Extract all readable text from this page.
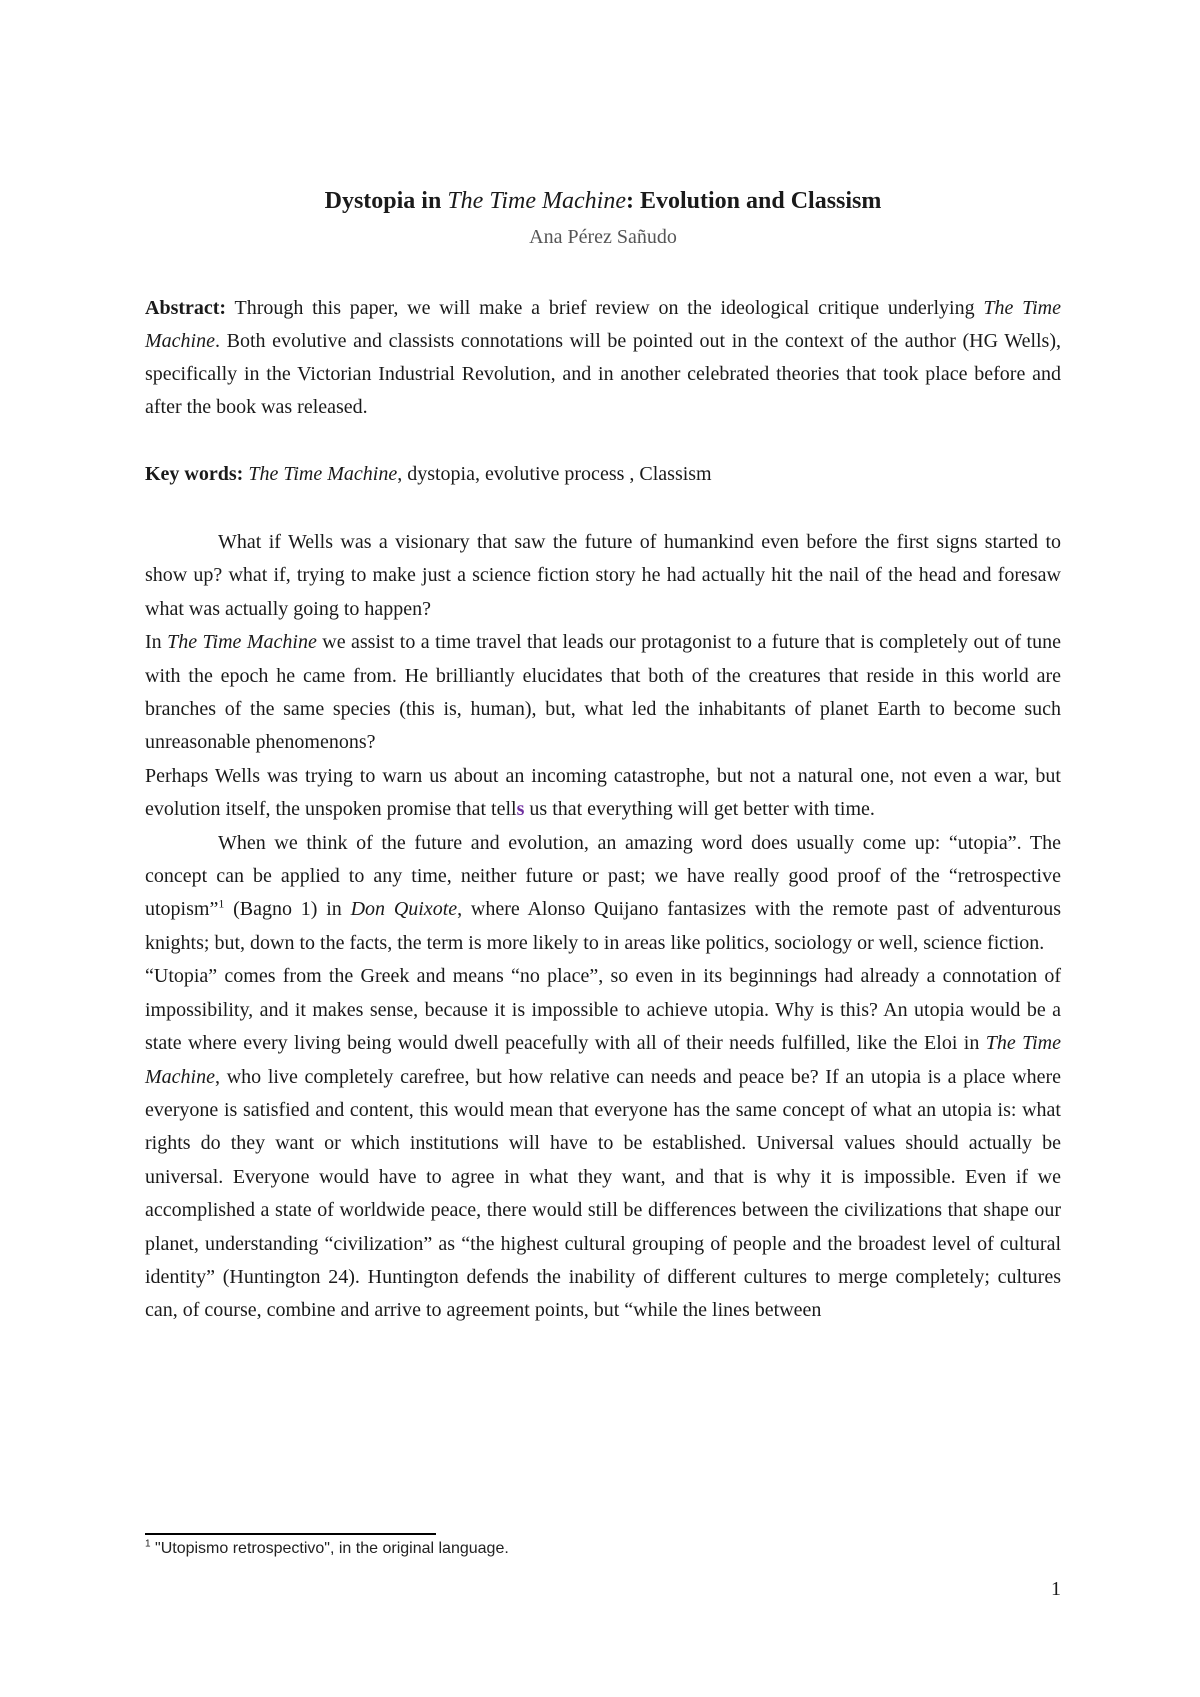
Dystopia in The Time Machine: Evolution and Classism
Ana Pérez Sañudo

Abstract: Through this paper, we will make a brief review on the ideological critique underlying The Time Machine. Both evolutive and classists connotations will be pointed out in the context of the author (HG Wells), specifically in the Victorian Industrial Revolution, and in another celebrated theories that took place before and after the book was released.

Key words: The Time Machine, dystopia, evolutive process , Classism

What if Wells was a visionary that saw the future of humankind even before the first signs started to show up? what if, trying to make just a science fiction story he had actually hit the nail of the head and foresaw what was actually going to happen?

In The Time Machine we assist to a time travel that leads our protagonist to a future that is completely out of tune with the epoch he came from. He brilliantly elucidates that both of the creatures that reside in this world are branches of the same species (this is, human), but, what led the inhabitants of planet Earth to become such unreasonable phenomenons?

Perhaps Wells was trying to warn us about an incoming catastrophe, but not a natural one, not even a war, but evolution itself, the unspoken promise that tells us that everything will get better with time.

When we think of the future and evolution, an amazing word does usually come up: “utopia”. The concept can be applied to any time, neither future or past; we have really good proof of the “retrospective utopism”$^1$ (Bagno 1) in Don Quixote, where Alonso Quijano fantasizes with the remote past of adventurous knights; but, down to the facts, the term is more likely to in areas like politics, sociology or well, science fiction.

“Utopia” comes from the Greek and means “no place”, so even in its beginnings had already a connotation of impossibility, and it makes sense, because it is impossible to achieve utopia. Why is this? An utopia would be a state where every living being would dwell peacefully with all of their needs fulfilled, like the Eloi in The Time Machine, who live completely carefree, but how relative can needs and peace be? If an utopia is a place where everyone is satisfied and content, this would mean that everyone has the same concept of what an utopia is: what rights do they want or which institutions will have to be established. Universal values should actually be universal. Everyone would have to agree in what they want, and that is why it is impossible. Even if we accomplished a state of worldwide peace, there would still be differences between the civilizations that shape our planet, understanding “civilization” as “the highest cultural grouping of people and the broadest level of cultural identity” (Huntington 24). Huntington defends the inability of different cultures to merge completely; cultures can, of course, combine and arrive to agreement points, but “while the lines between

$^1$ "Utopismo retrospectivo", in the original language.
1
